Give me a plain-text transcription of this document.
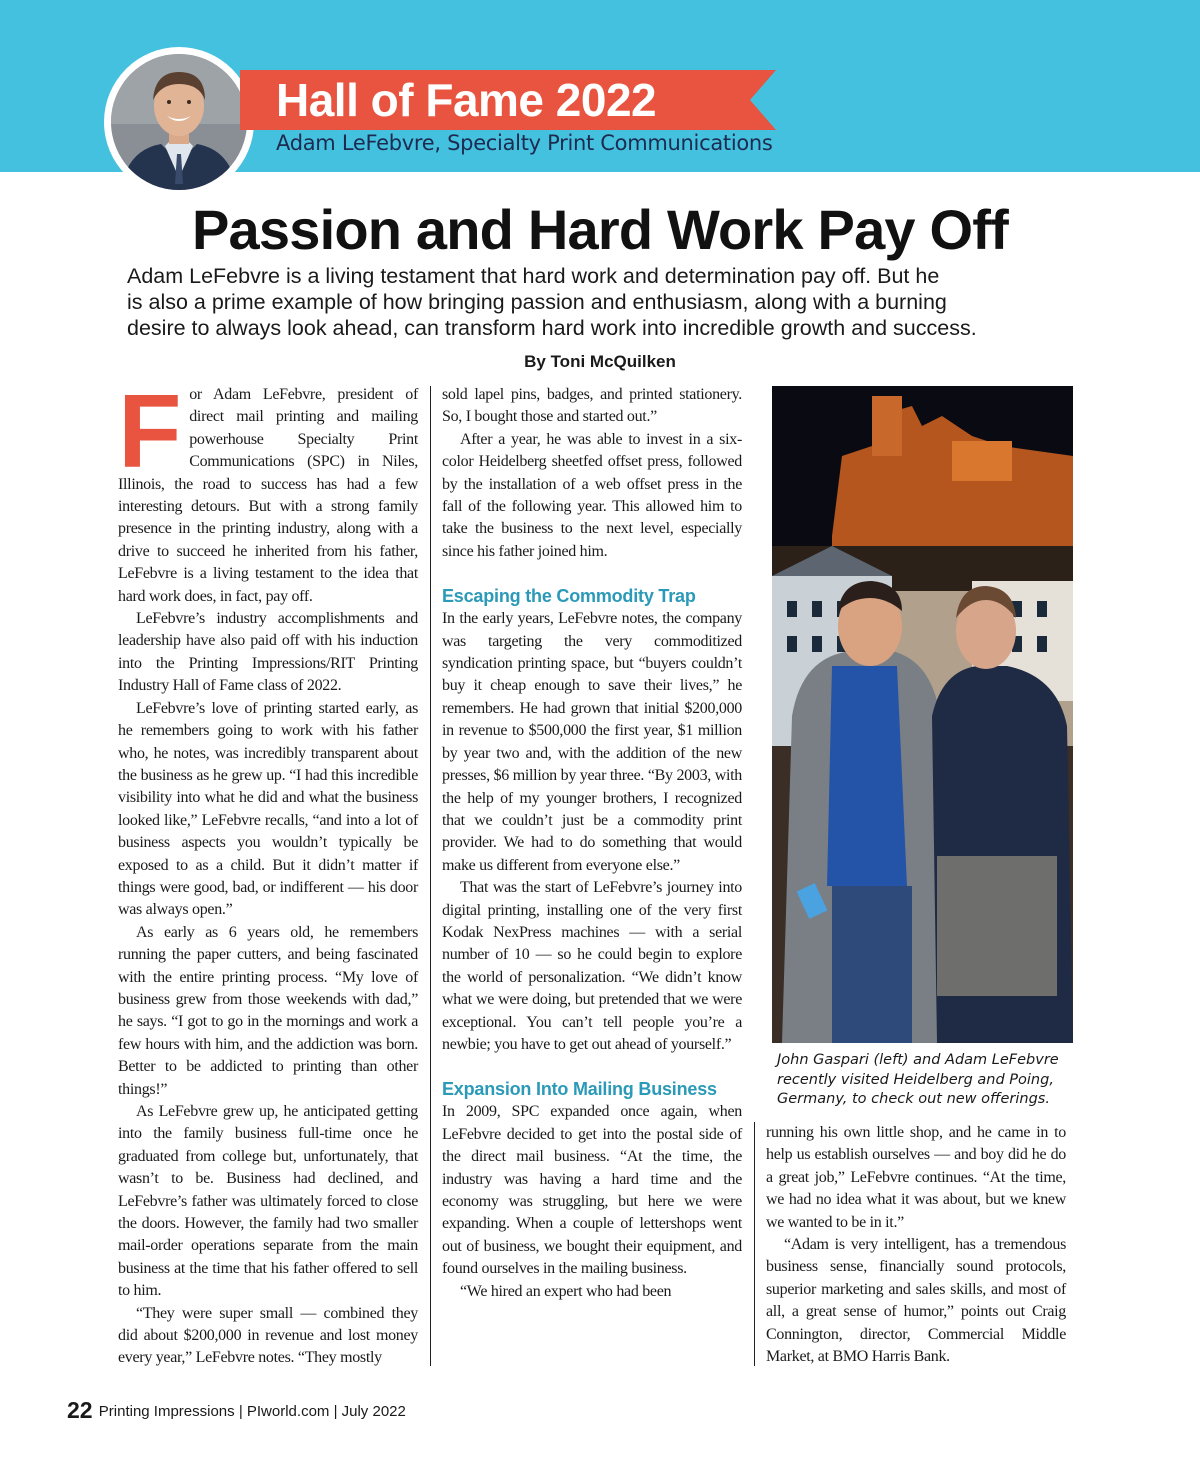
Hall of Fame 2022
Adam LeFebvre, Specialty Print Communications
Passion and Hard Work Pay Off
Adam LeFebvre is a living testament that hard work and determination pay off. But he
is also a prime example of how bringing passion and enthusiasm, along with a burning
desire to always look ahead, can transform hard work into incredible growth and success.
By Toni McQuilken
F or Adam LeFebvre, president of direct mail printing and mailing powerhouse Specialty Print Communications (SPC) in Niles, Illinois, the road to success has had a few interesting detours. But with a strong family presence in the printing industry, along with a drive to succeed he inherited from his father, LeFebvre is a living testament to the idea that hard work does, in fact, pay off.

LeFebvre’s industry accomplishments and leadership have also paid off with his induction into the Printing Impressions/RIT Printing Industry Hall of Fame class of 2022.

LeFebvre’s love of printing started early, as he remembers going to work with his father who, he notes, was incredibly transparent about the business as he grew up. “I had this incredible visibility into what he did and what the business looked like,” LeFebvre recalls, “and into a lot of business aspects you wouldn’t typically be exposed to as a child. But it didn’t matter if things were good, bad, or indifferent — his door was always open.”

As early as 6 years old, he remembers running the paper cutters, and being fascinated with the entire printing process. “My love of business grew from those weekends with dad,” he says. “I got to go in the mornings and work a few hours with him, and the addiction was born. Better to be addicted to printing than other things!”

As LeFebvre grew up, he anticipated getting into the family business full-time once he graduated from college but, unfortunately, that wasn’t to be. Business had declined, and LeFebvre’s father was ultimately forced to close the doors. However, the family had two smaller mail-order operations separate from the main business at the time that his father offered to sell to him.

“They were super small — combined they did about $200,000 in revenue and lost money every year,” LeFebvre notes. “They mostly

sold lapel pins, badges, and printed stationery. So, I bought those and started out.”

After a year, he was able to invest in a six-color Heidelberg sheetfed offset press, followed by the installation of a web offset press in the fall of the following year. This allowed him to take the business to the next level, especially since his father joined him.

Escaping the Commodity Trap

In the early years, LeFebvre notes, the company was targeting the very commoditized syndication printing space, but “buyers couldn’t buy it cheap enough to save their lives,” he remembers. He had grown that initial $200,000 in revenue to $500,000 the first year, $1 million by year two and, with the addition of the new presses, $6 million by year three. “By 2003, with the help of my younger brothers, I recognized that we couldn’t just be a commodity print provider. We had to do something that would make us different from everyone else.”

That was the start of LeFebvre’s journey into digital printing, installing one of the very first Kodak NexPress machines — with a serial number of 10 — so he could begin to explore the world of personalization. “We didn’t know what we were doing, but pretended that we were exceptional. You can’t tell people you’re a newbie; you have to get out ahead of yourself.”

Expansion Into Mailing Business

In 2009, SPC expanded once again, when LeFebvre decided to get into the postal side of the direct mail business. “At the time, the industry was having a hard time and the economy was struggling, but here we were expanding. When a couple of lettershops went out of business, we bought their equipment, and found ourselves in the mailing business.

“We hired an expert who had been

John Gaspari (left) and Adam LeFebvre recently visited Heidelberg and Poing, Germany, to check out new offerings.

running his own little shop, and he came in to help us establish ourselves — and boy did he do a great job,” LeFebvre continues. “At the time, we had no idea what it was about, but we knew we wanted to be in it.”

“Adam is very intelligent, has a tremendous business sense, financially sound protocols, superior marketing and sales skills, and most of all, a great sense of humor,” points out Craig Connington, director, Commercial Middle Market, at BMO Harris Bank.

22 Printing Impressions | PIworld.com | July 2022
